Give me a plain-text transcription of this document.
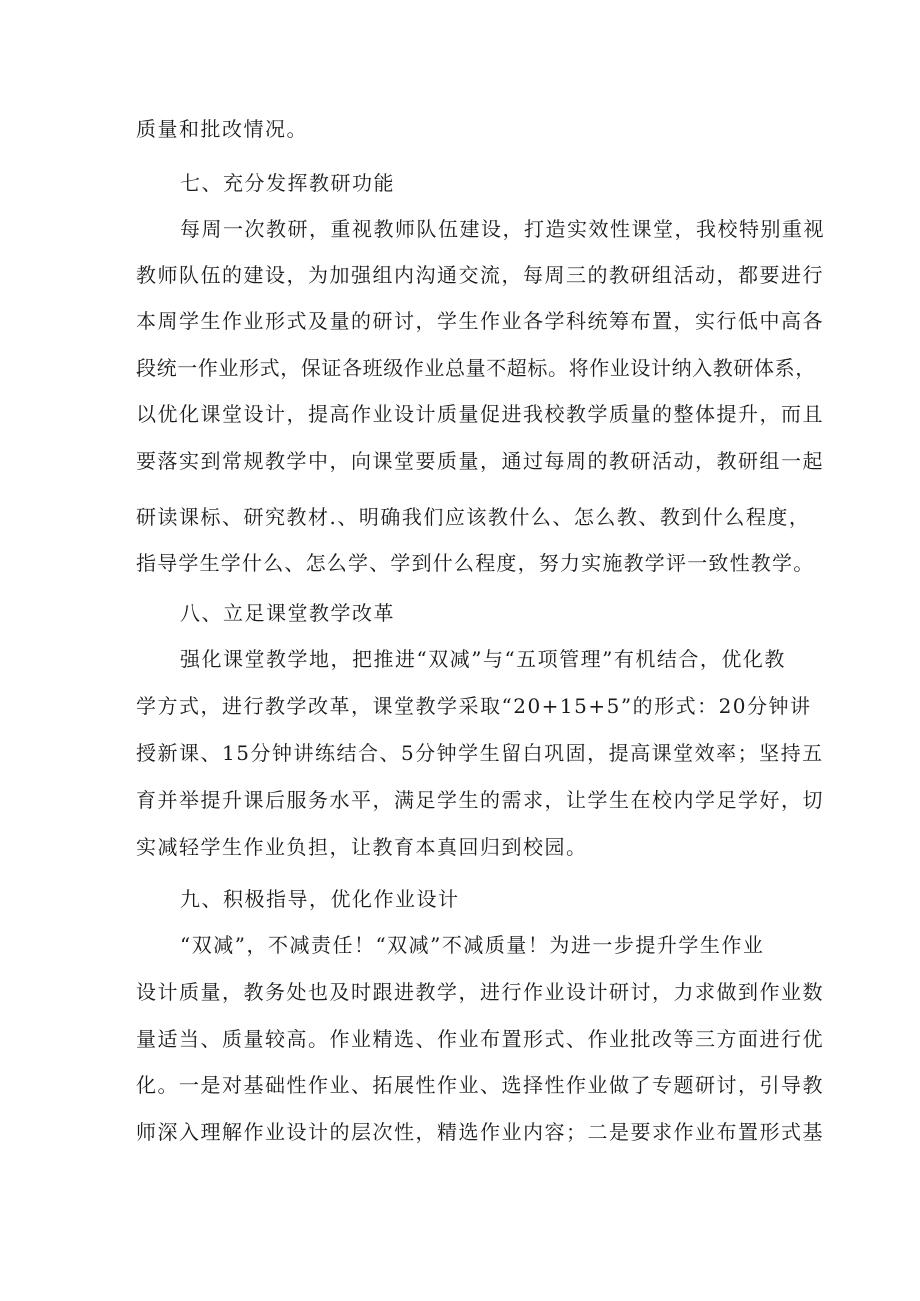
质量和批改情况。

七、充分发挥教研功能

每周一次教研，重视教师队伍建设，打造实效性课堂，我校特别重视

教师队伍的建设，为加强组内沟通交流，每周三的教研组活动，都要进行

本周学生作业形式及量的研讨，学生作业各学科统筹布置，实行低中高各

段统一作业形式，保证各班级作业总量不超标。将作业设计纳入教研体系，

以优化课堂设计，提高作业设计质量促进我校教学质量的整体提升，而且

要落实到常规教学中，向课堂要质量，通过每周的教研活动，教研组一起

研读课标、研究教材.、明确我们应该教什么、怎么教、教到什么程度，

指导学生学什么、怎么学、学到什么程度，努力实施教学评一致性教学。

八、立足课堂教学改革

强化课堂教学地，把推进“双减”与“五项管理”有机结合，优化教

学方式，进行教学改革，课堂教学采取“20+15+5”的形式：20分钟讲

授新课、15分钟讲练结合、5分钟学生留白巩固，提高课堂效率；坚持五

育并举提升课后服务水平，满足学生的需求，让学生在校内学足学好，切

实减轻学生作业负担，让教育本真回归到校园。

九、积极指导，优化作业设计

“双减”，不减责任！“双减”不减质量！为进一步提升学生作业

设计质量，教务处也及时跟进教学，进行作业设计研讨，力求做到作业数

量适当、质量较高。作业精选、作业布置形式、作业批改等三方面进行优

化。一是对基础性作业、拓展性作业、选择性作业做了专题研讨，引导教

师深入理解作业设计的层次性，精选作业内容；二是要求作业布置形式基
